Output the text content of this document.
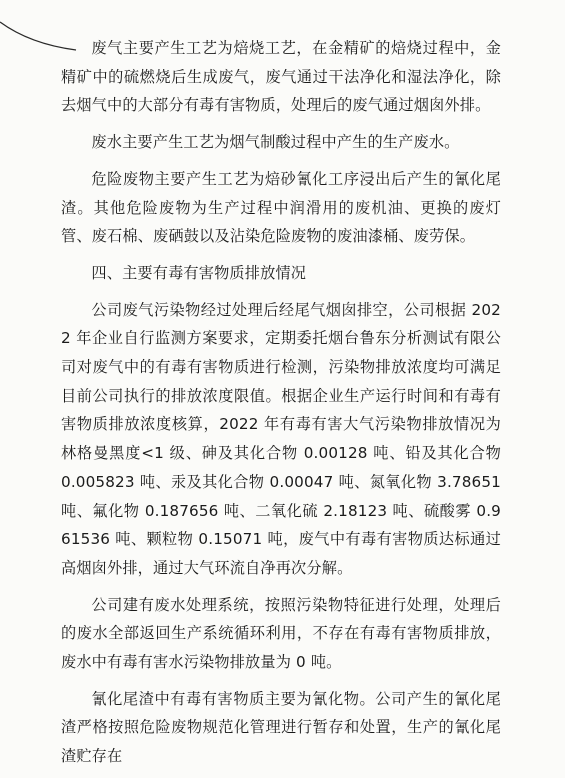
废气主要产生工艺为焙烧工艺，在金精矿的焙烧过程中，金精矿中的硫燃烧后生成废气，废气通过干法净化和湿法净化，除去烟气中的大部分有毒有害物质，处理后的废气通过烟囱外排。

废水主要产生工艺为烟气制酸过程中产生的生产废水。

危险废物主要产生工艺为焙砂氰化工序浸出后产生的氰化尾渣。其他危险废物为生产过程中润滑用的废机油、更换的废灯管、废石棉、废硒鼓以及沾染危险废物的废油漆桶、废劳保。

四、主要有毒有害物质排放情况

公司废气污染物经过处理后经尾气烟囱排空，公司根据 2022 年企业自行监测方案要求，定期委托烟台鲁东分析测试有限公司对废气中的有毒有害物质进行检测，污染物排放浓度均可满足目前公司执行的排放浓度限值。根据企业生产运行时间和有毒有害物质排放浓度核算，2022 年有毒有害大气污染物排放情况为林格曼黑度<1 级、砷及其化合物 0.00128 吨、铅及其化合物 0.005823 吨、汞及其化合物 0.00047 吨、氮氧化物 3.78651 吨、氟化物 0.187656 吨、二氧化硫 2.18123 吨、硫酸雾 0.961536 吨、颗粒物 0.15071 吨，废气中有毒有害物质达标通过高烟囱外排，通过大气环流自净再次分解。

公司建有废水处理系统，按照污染物特征进行处理，处理后的废水全部返回生产系统循环利用，不存在有毒有害物质排放，废水中有毒有害水污染物排放量为 0 吨。

氰化尾渣中有毒有害物质主要为氰化物。公司产生的氰化尾渣严格按照危险废物规范化管理进行暂存和处置，生产的氰化尾渣贮存在
